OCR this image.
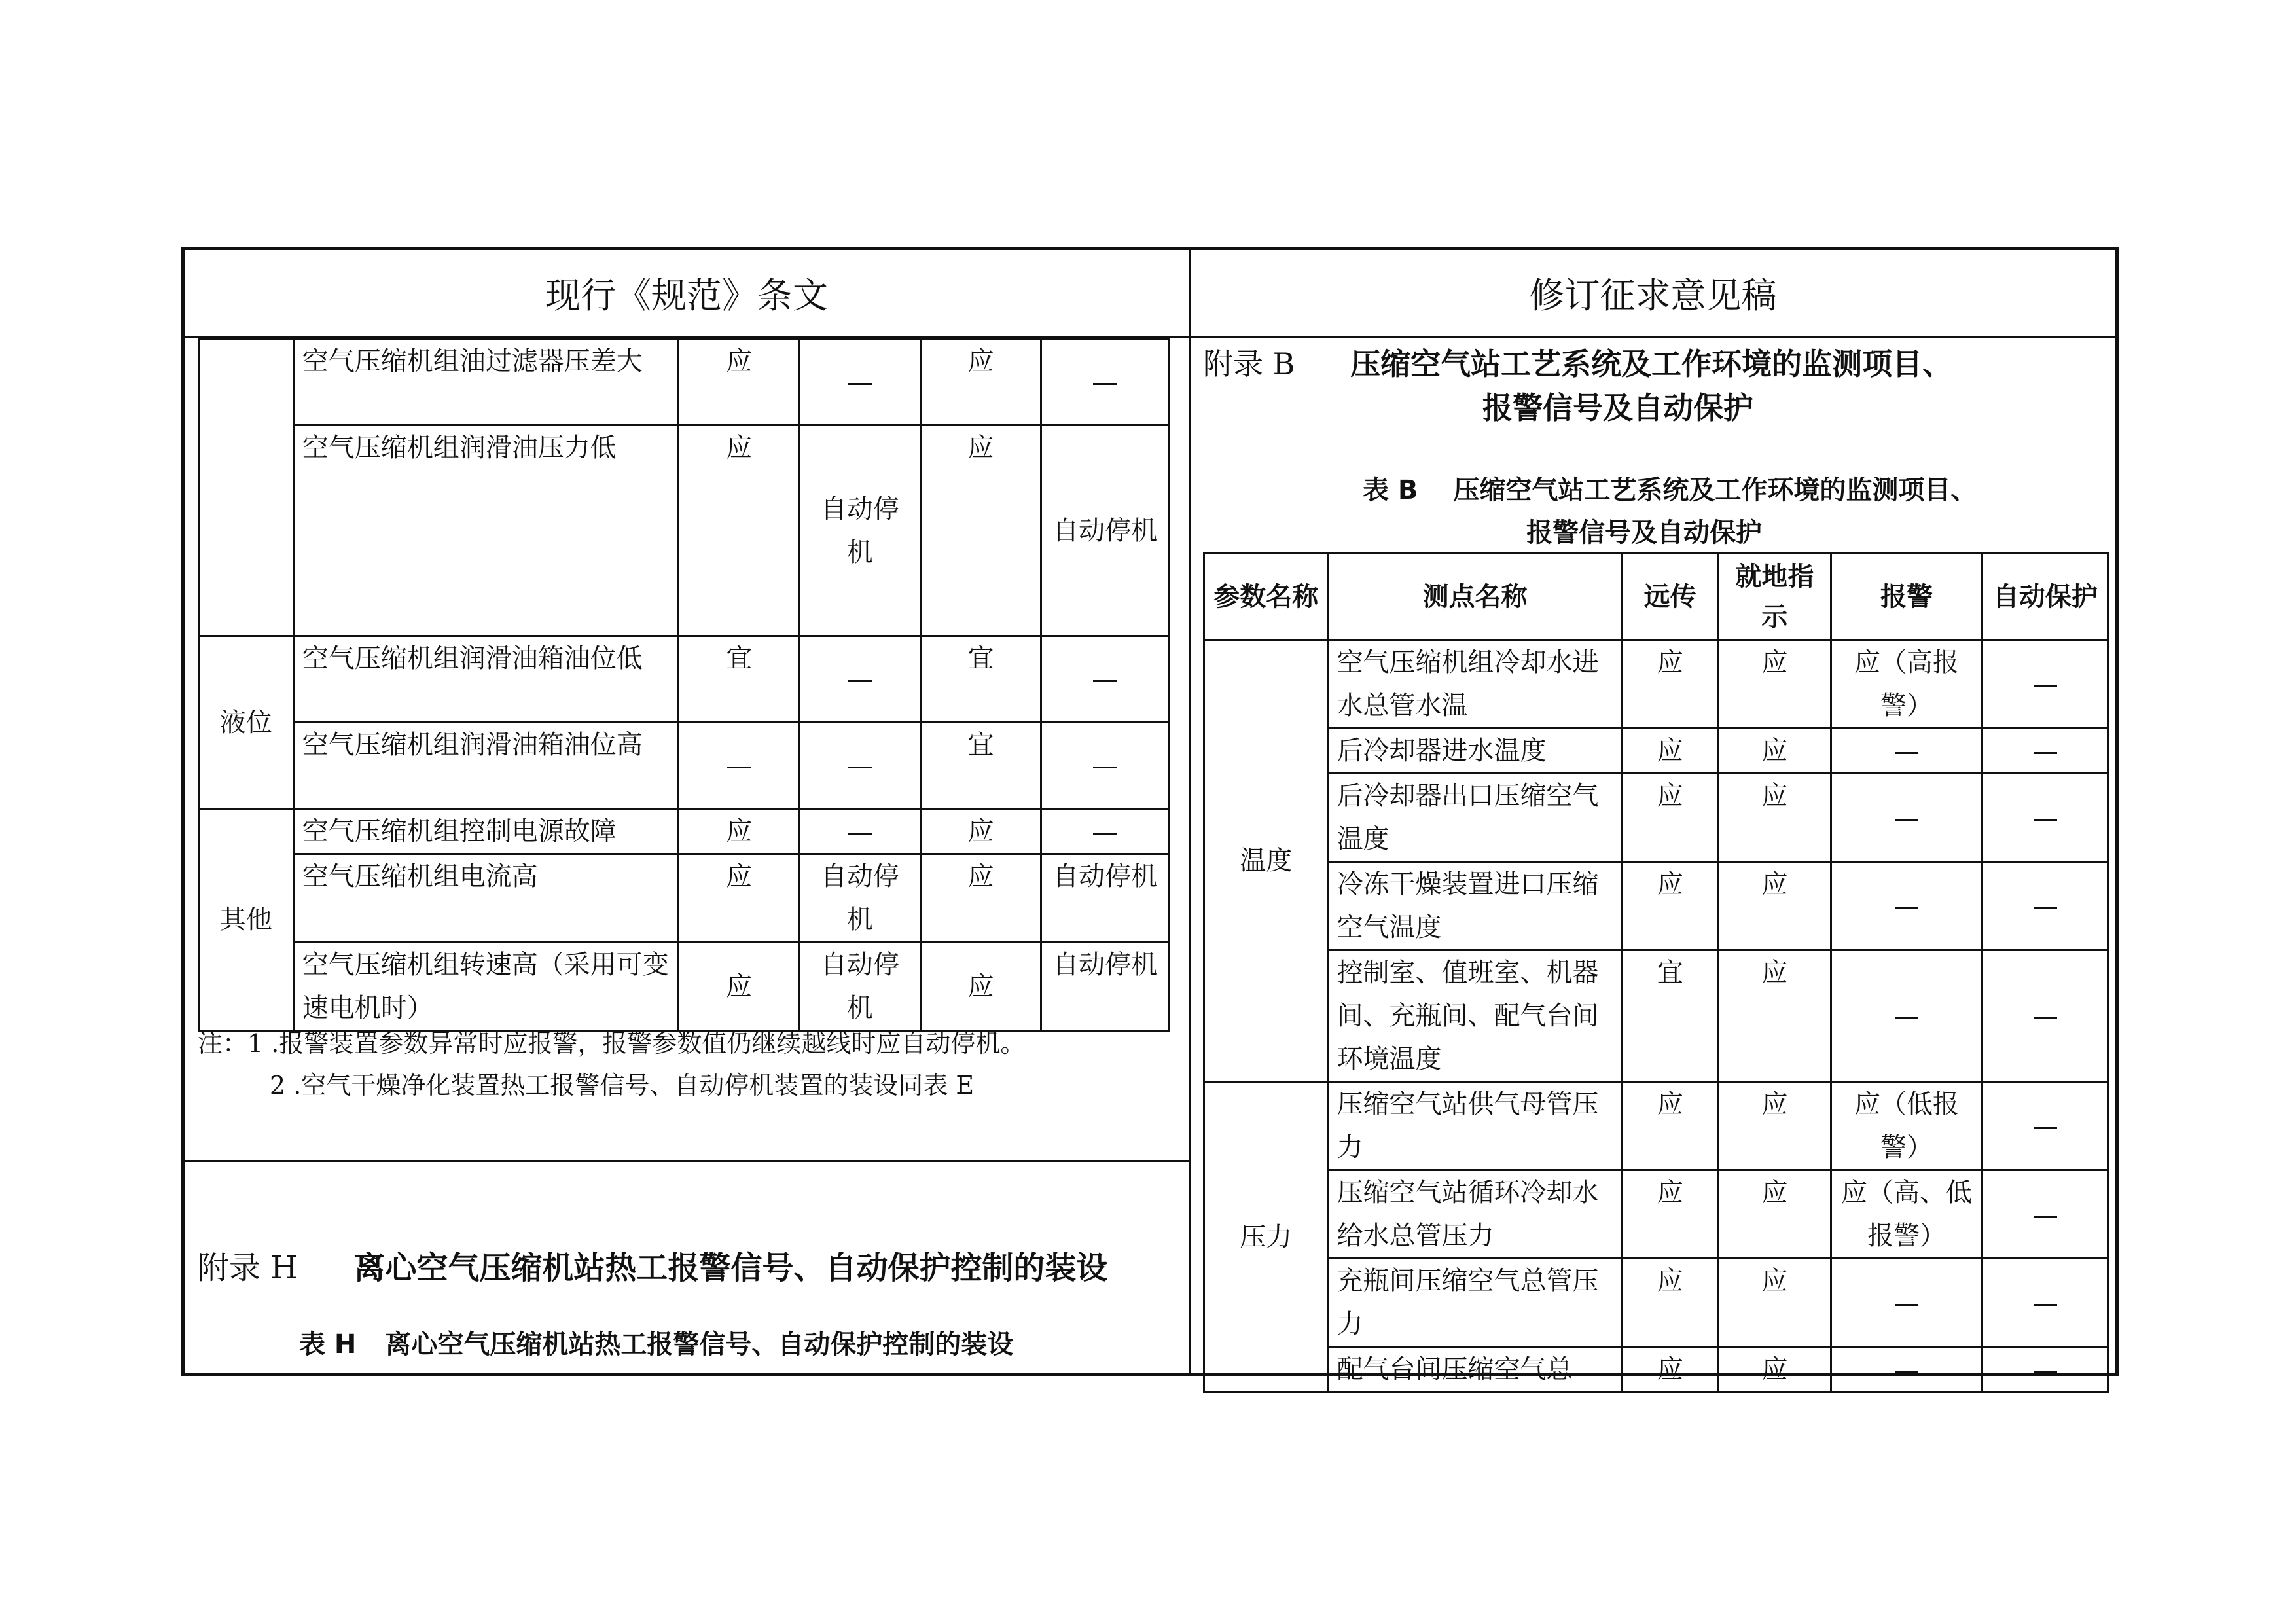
现行《规范》条文	修订征求意见稿
	空气压缩机组油过滤器压差大	应		应	
	空气压缩机组润滑油压力低	应	自动停机	应	自动停机
液位	空气压缩机组润滑油箱油位低	宜		宜	
	空气压缩机组润滑油箱油位高			宜	
其他	空气压缩机组控制电源故障	应		应	
	空气压缩机组电流高	应	自动停机	应	自动停机
	空气压缩机组转速高（采用可变速电机时）	应	自动停机	应	自动停机
注：1 .报警装置参数异常时应报警，报警参数值仍继续越线时应自动停机。
2 .空气干燥净化装置热工报警信号、自动停机装置的装设同表 E
附录 H 离心空气压缩机站热工报警信号、自动保护控制的装设
表 H 离心空气压缩机站热工报警信号、自动保护控制的装设
附录 B 压缩空气站工艺系统及工作环境的监测项目、
报警信号及自动保护
表 B 压缩空气站工艺系统及工作环境的监测项目、
报警信号及自动保护
参数名称	测点名称	远传	就地指示	报警	自动保护
温度	空气压缩机组冷却水进水总管水温	应	应	应（高报警）	
	后冷却器进水温度	应	应		
	后冷却器出口压缩空气温度	应	应		
	冷冻干燥装置进口压缩空气温度	应	应		
	控制室、值班室、机器间、充瓶间、配气台间环境温度	宜	应		
压力	压缩空气站供气母管压力	应	应	应（低报警）	
	压缩空气站循环冷却水给水总管压力	应	应	应（高、低报警）	
	充瓶间压缩空气总管压力	应	应		
	配气台间压缩空气总	应	应		
